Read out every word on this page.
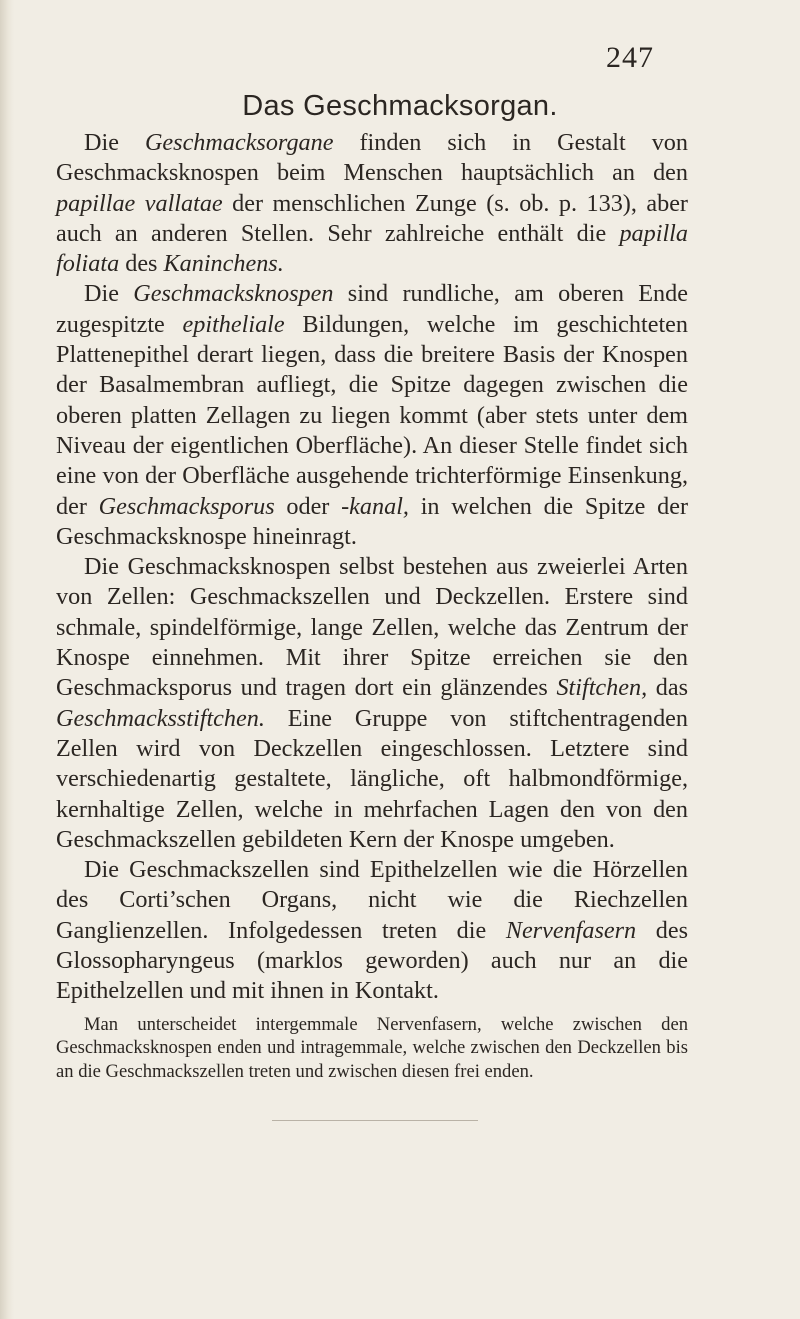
247
Das Geschmacksorgan.

Die Geschmacksorgane finden sich in Gestalt von Geschmacksknospen beim Menschen hauptsächlich an den papillae vallatae der menschlichen Zunge (s. ob. p. 133), aber auch an anderen Stellen. Sehr zahlreiche enthält die papilla foliata des Kaninchens.

Die Geschmacksknospen sind rundliche, am oberen Ende zugespitzte epitheliale Bildungen, welche im geschichteten Plattenepithel derart liegen, dass die breitere Basis der Knospen der Basalmembran aufliegt, die Spitze dagegen zwischen die oberen platten Zellagen zu liegen kommt (aber stets unter dem Niveau der eigentlichen Oberfläche). An dieser Stelle findet sich eine von der Oberfläche ausgehende trichterförmige Einsenkung, der Geschmacksporus oder -kanal, in welchen die Spitze der Geschmacksknospe hineinragt.

Die Geschmacksknospen selbst bestehen aus zweierlei Arten von Zellen: Geschmackszellen und Deckzellen. Erstere sind schmale, spindelförmige, lange Zellen, welche das Zentrum der Knospe einnehmen. Mit ihrer Spitze erreichen sie den Geschmacksporus und tragen dort ein glänzendes Stiftchen, das Geschmacksstiftchen. Eine Gruppe von stiftchentragenden Zellen wird von Deckzellen eingeschlossen. Letztere sind verschiedenartig gestaltete, längliche, oft halbmondförmige, kernhaltige Zellen, welche in mehrfachen Lagen den von den Geschmackszellen gebildeten Kern der Knospe umgeben.

Die Geschmackszellen sind Epithelzellen wie die Hörzellen des Corti’schen Organs, nicht wie die Riechzellen Ganglienzellen. Infolgedessen treten die Nervenfasern des Glossopharyngeus (marklos geworden) auch nur an die Epithelzellen und mit ihnen in Kontakt.

Man unterscheidet intergemmale Nervenfasern, welche zwischen den Geschmacksknospen enden und intragemmale, welche zwischen den Deckzellen bis an die Geschmackszellen treten und zwischen diesen frei enden.
